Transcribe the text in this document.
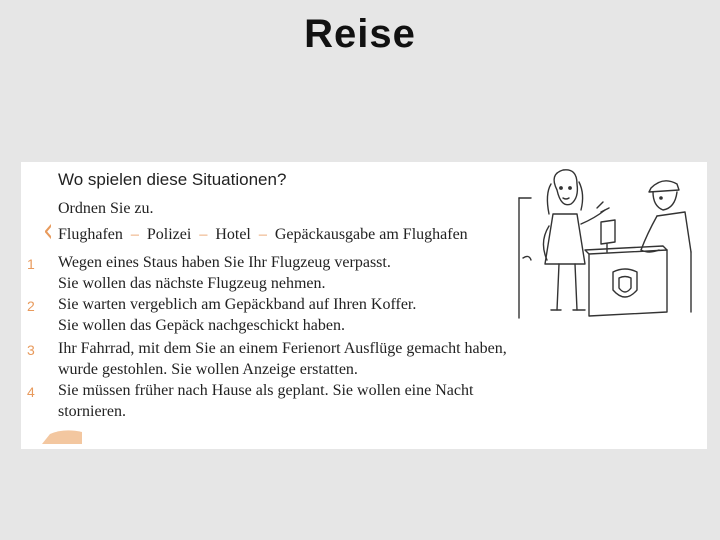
Reise
Wo spielen diese Situationen?
Ordnen Sie zu.
‹ Flughafen – Polizei – Hotel – Gepäckausgabe am Flughafen
1 Wegen eines Staus haben Sie Ihr Flugzeug verpasst.
Sie wollen das nächste Flugzeug nehmen.
2 Sie warten vergeblich am Gepäckband auf Ihren Koffer.
Sie wollen das Gepäck nachgeschickt haben.
3 Ihr Fahrrad, mit dem Sie an einem Ferienort Ausflüge gemacht haben,
wurde gestohlen. Sie wollen Anzeige erstatten.
4 Sie müssen früher nach Hause als geplant. Sie wollen eine Nacht
stornieren.
